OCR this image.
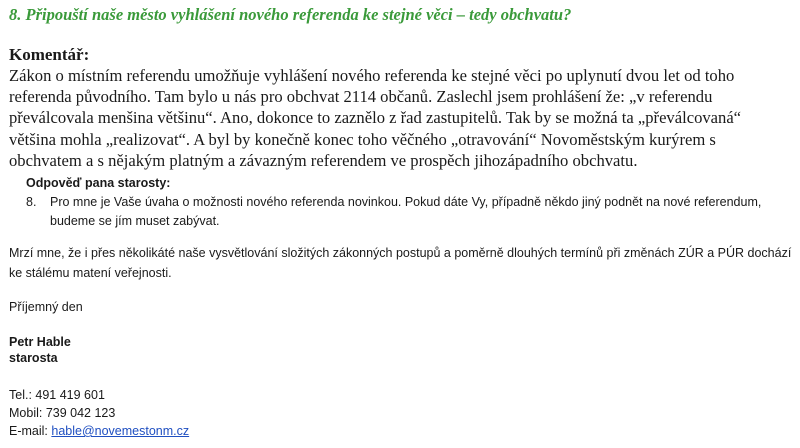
8. Připouští naše město vyhlášení nového referenda ke stejné věci – tedy obchvatu?
Komentář:
Zákon o místním referendu umožňuje vyhlášení nového referenda ke stejné věci po uplynutí dvou let od toho referenda původního. Tam bylo u nás pro obchvat 2114 občanů. Zaslechl jsem prohlášení že: „v referendu převálcovala menšina většinu“. Ano, dokonce to zaznělo z řad zastupitelů. Tak by se možná ta „převálcovaná“ většina mohla „realizovat“. A byl by konečně konec toho věčného „otravování“ Novoměstským kurýrem s obchvatem a s nějakým platným a závazným referendem ve prospěch jihozápadního obchvatu.
Odpověď pana starosty:
8. Pro mne je Vaše úvaha o možnosti nového referenda novinkou. Pokud dáte Vy, případně někdo jiný podnět na nové referendum, budeme se jím muset zabývat.
Mrzí mne, že i přes několikáté naše vysvětlování složitých zákonných postupů a poměrně dlouhých termínů při změnách ZÚR a PÚR dochází ke stálému matení veřejnosti.
Příjemný den
Petr Hable
starosta
Tel.: 491 419 601
Mobil: 739 042 123
E-mail: hable@novemestonm.cz
